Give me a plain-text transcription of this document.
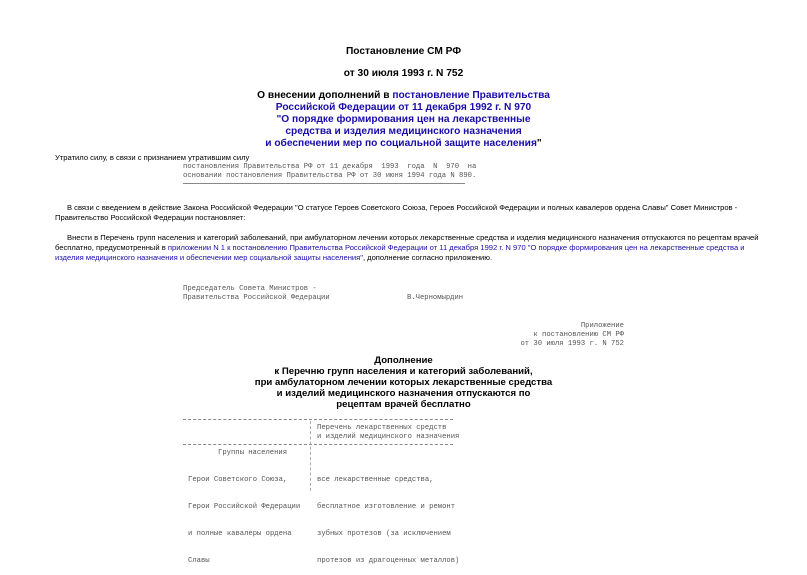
Постановление СМ РФ
от 30 июля 1993 г. N 752
О внесении дополнений в постановление Правительства
Российской Федерации от 11 декабря 1992 г. N 970
"О порядке формирования цен на лекарственные
средства и изделия медицинского назначения
и обеспечении мер по социальной защите населения"
Утратило силу, в связи с признанием утратившим силу
постановления Правительства РФ от 11 декабря  1993  года  N  970  на
основании постановления Правительства РФ от 30 июня 1994 года N 890.

В связи с введением в действие Закона Российской Федерации "О статусе Героев Советского Союза, Героев Российской Федерации и полных кавалеров ордена Славы" Совет Министров - Правительство Российской Федерации постановляет:

Внести в Перечень групп населения и категорий заболеваний, при амбулаторном лечении которых лекарственные средства и изделия медицинского назначения отпускаются по рецептам врачей бесплатно, предусмотренный в приложении N 1 к постановлению Правительства Российской Федерации от 11 декабря 1992 г. N 970 "О порядке формирования цен на лекарственные средства и изделия медицинского назначения и обеспечении мер социальной защиты населения", дополнение согласно приложению.

Председатель Совета Министров -
Правительства Российской Федерации	В.Черномырдин
Приложение
к постановлению СМ РФ
от 30 июля 1993 г. N 752
Дополнение
к Перечню групп населения и категорий заболеваний,
при амбулаторном лечении которых лекарственные средства
и изделий медицинского назначения отпускаются по
рецептам врачей бесплатно
Перечень лекарственных средств
и изделий медицинского назначения
Группы населения

Герои Советского Союза,

Герои Российской Федерации

и полные кавалеры ордена

Славы

все лекарственные средства,

бесплатное изготовление и ремонт

зубных протезов (за исключением

протезов из драгоценных металлов)
